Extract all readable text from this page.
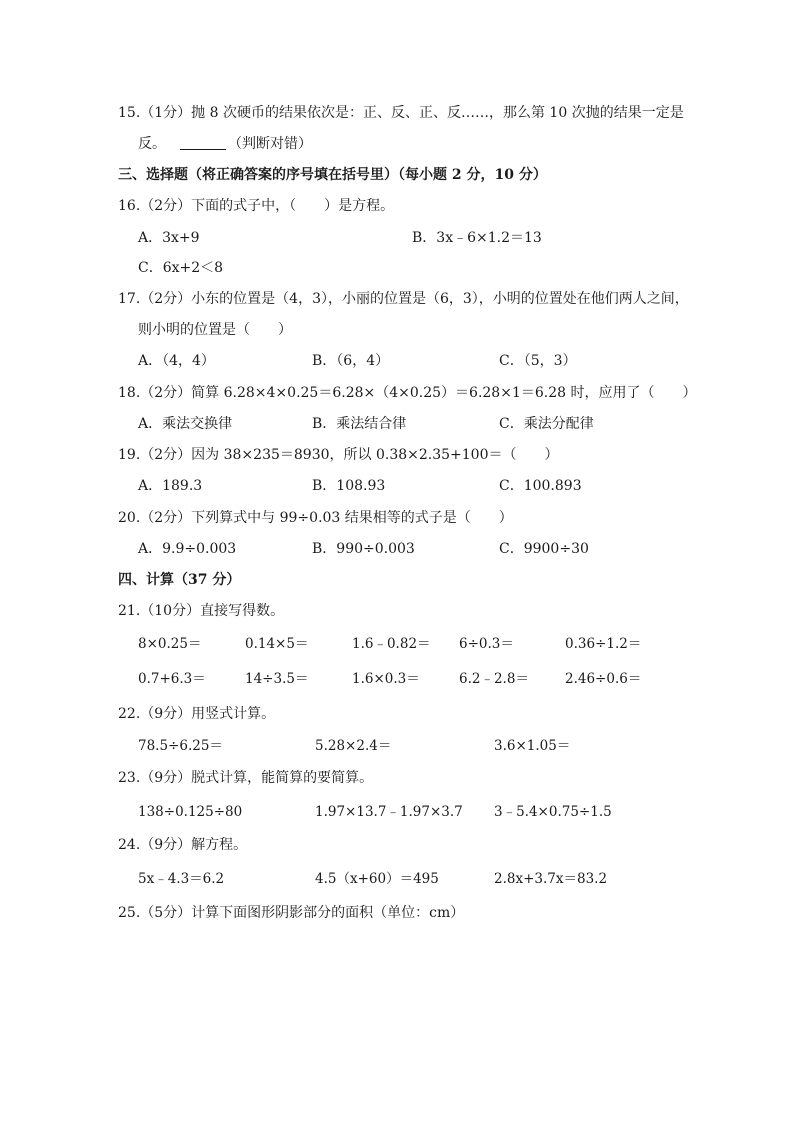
15.（1分）抛 8 次硬币的结果依次是：正、反、正、反……，那么第 10 次抛的结果一定是
反。	（判断对错）
三、选择题（将正确答案的序号填在括号里）（每小题 2 分，10 分）
16.（2分）下面的式子中，（　　）是方程。
A．3x+9	B．3x﹣6×1.2＝13
C．6x+2＜8
17.（2分）小东的位置是（4，3），小丽的位置是（6，3），小明的位置处在他们两人之间，
则小明的位置是（　　）
A．（4，4）	B．（6，4）	C．（5，3）
18.（2分）简算 6.28×4×0.25＝6.28×（4×0.25）＝6.28×1＝6.28 时，应用了（　　）
A．乘法交换律	B．乘法结合律	C．乘法分配律
19.（2分）因为 38×235＝8930，所以 0.38×2.35+100＝（　　）
A．189.3	B．108.93	C．100.893
20.（2分）下列算式中与 99÷0.03 结果相等的式子是（　　）
A．9.9÷0.003	B．990÷0.003	C．9900÷30
四、计算（37 分）
21.（10分）直接写得数。
8×0.25＝	0.14×5＝	1.6﹣0.82＝ 6÷0.3＝	0.36÷1.2＝
0.7+6.3＝	14÷3.5＝	1.6×0.3＝	6.2﹣2.8＝	2.46÷0.6＝
22.（9分）用竖式计算。
78.5÷6.25＝	5.28×2.4＝	3.6×1.05＝
23.（9分）脱式计算，能简算的要简算。
138÷0.125÷80	1.97×13.7﹣1.97×3.7 3﹣5.4×0.75÷1.5
24.（9分）解方程。
5x﹣4.3＝6.2	4.5（x+60）＝495	2.8x+3.7x＝83.2
25.（5分）计算下面图形阴影部分的面积（单位：cm）
